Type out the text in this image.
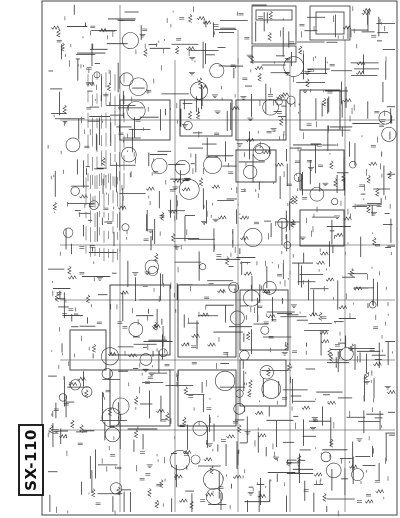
SX-110
